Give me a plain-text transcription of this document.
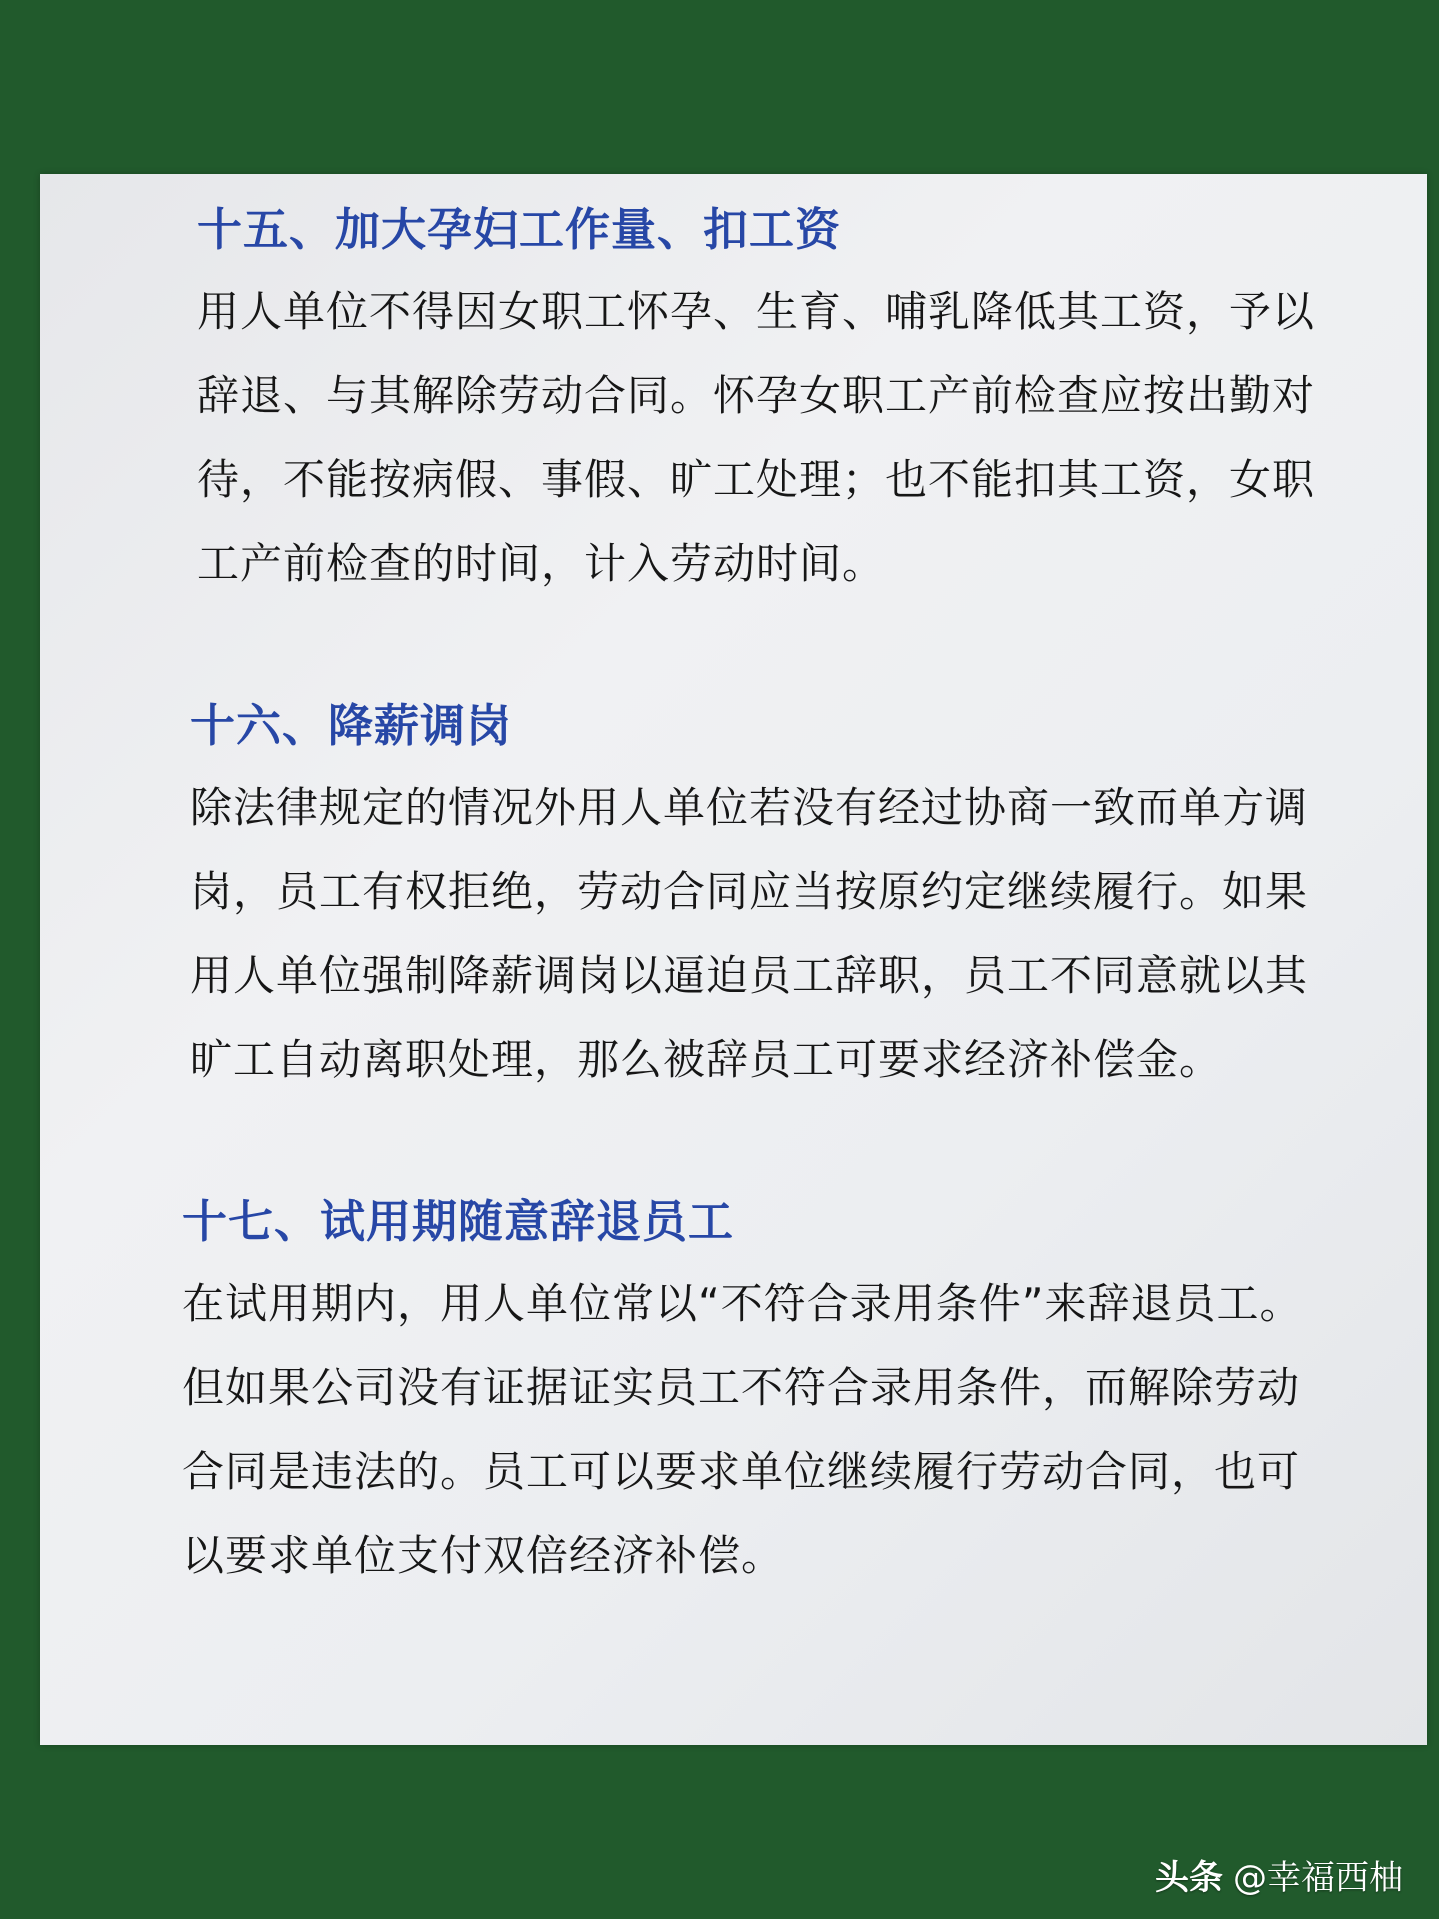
十五、加大孕妇工作量、扣工资

用人单位不得因女职工怀孕、生育、哺乳降低其工资，予以辞退、与其解除劳动合同。怀孕女职工产前检查应按出勤对待，不能按病假、事假、旷工处理；也不能扣其工资，女职工产前检查的时间，计入劳动时间。

十六、降薪调岗

除法律规定的情况外用人单位若没有经过协商一致而单方调岗，员工有权拒绝，劳动合同应当按原约定继续履行。如果用人单位强制降薪调岗以逼迫员工辞职，员工不同意就以其旷工自动离职处理，那么被辞员工可要求经济补偿金。

十七、试用期随意辞退员工

在试用期内，用人单位常以“不符合录用条件”来辞退员工。但如果公司没有证据证实员工不符合录用条件，而解除劳动合同是违法的。员工可以要求单位继续履行劳动合同，也可以要求单位支付双倍经济补偿。

头条 @幸福西柚
